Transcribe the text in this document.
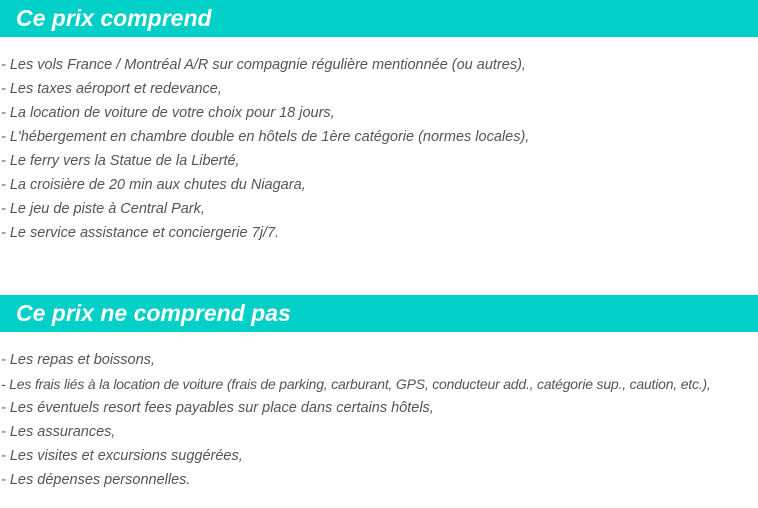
Ce prix comprend
- Les vols France / Montréal A/R sur compagnie régulière mentionnée (ou autres),
- Les taxes aéroport et redevance,
- La location de voiture de votre choix pour 18 jours,
- L'hébergement en chambre double en hôtels de 1ère catégorie (normes locales),
- Le ferry vers la Statue de la Liberté,
- La croisière de 20 min aux chutes du Niagara,
- Le jeu de piste à Central Park,
- Le service assistance et conciergerie 7j/7.
Ce prix ne comprend pas
- Les repas et boissons,
- Les frais liés à la location de voiture (frais de parking, carburant, GPS, conducteur add., catégorie sup., caution, etc.),
- Les éventuels resort fees payables sur place dans certains hôtels,
- Les assurances,
- Les visites et excursions suggérées,
- Les dépenses personnelles.
